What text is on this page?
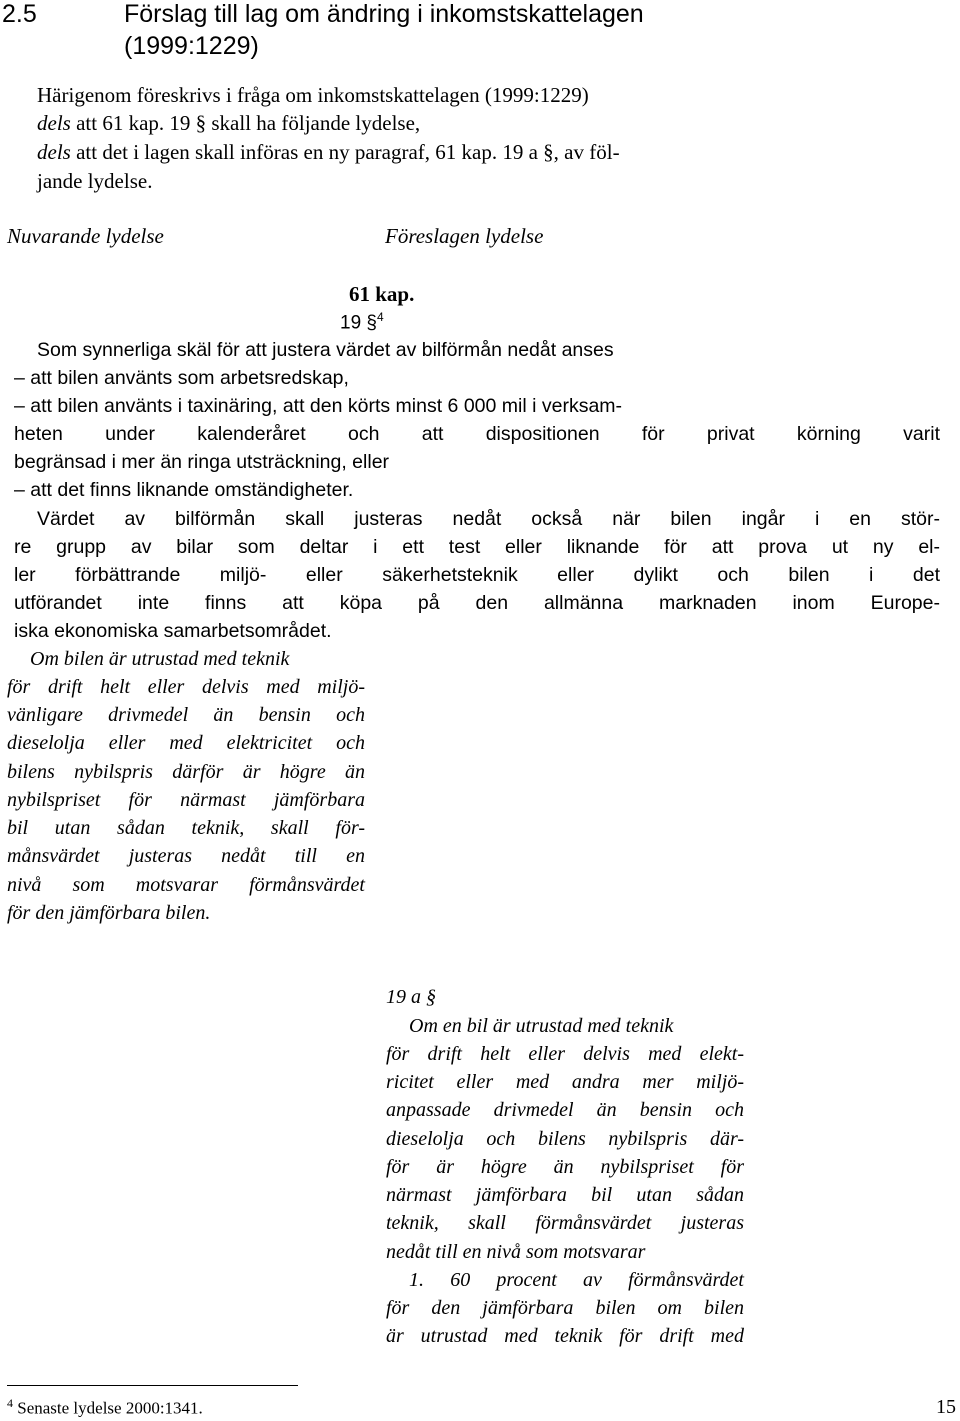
2.5	Förslag till lag om ändring i inkomstskattelagen
(1999:1229)
Härigenom föreskrivs i fråga om inkomstskattelagen (1999:1229)
dels att 61 kap. 19 § skall ha följande lydelse,
dels att det i lagen skall införas en ny paragraf, 61 kap. 19 a §, av föl-
jande lydelse.
Nuvarande lydelse	Föreslagen lydelse
61 kap.
19 §$^4$
Som synnerliga skäl för att justera värdet av bilförmån nedåt anses
– att bilen använts som arbetsredskap,
– att bilen använts i taxinäring, att den körts minst 6 000 mil i verksam-
heten under kalenderåret och att dispositionen för privat körning varit
begränsad i mer än ringa utsträckning, eller
– att det finns liknande omständigheter.
Värdet av bilförmån skall justeras nedåt också när bilen ingår i en stör-
re grupp av bilar som deltar i ett test eller liknande för att prova ut ny el-
ler förbättrande miljö- eller säkerhetsteknik eller dylikt och bilen i det
utförandet inte finns att köpa på den allmänna marknaden inom Europe-
iska ekonomiska samarbetsområdet.
Om bilen är utrustad med teknik
för drift helt eller delvis med miljö-
vänligare drivmedel än bensin och
dieselolja eller med elektricitet och
bilens nybilspris därför är högre än
nybilspriset för närmast jämförbara
bil utan sådan teknik, skall för-
månsvärdet justeras nedåt till en
nivå som motsvarar förmånsvärdet
för den jämförbara bilen.
19 a §
Om en bil är utrustad med teknik
för drift helt eller delvis med elekt-
ricitet eller med andra mer miljö-
anpassade drivmedel än bensin och
dieselolja och bilens nybilspris där-
för är högre än nybilspriset för
närmast jämförbara bil utan sådan
teknik, skall förmånsvärdet justeras
nedåt till en nivå som motsvarar
1. 60 procent av förmånsvärdet
för den jämförbara bilen om bilen
är utrustad med teknik för drift med
$^4$ Senaste lydelse 2000:1341.	15
